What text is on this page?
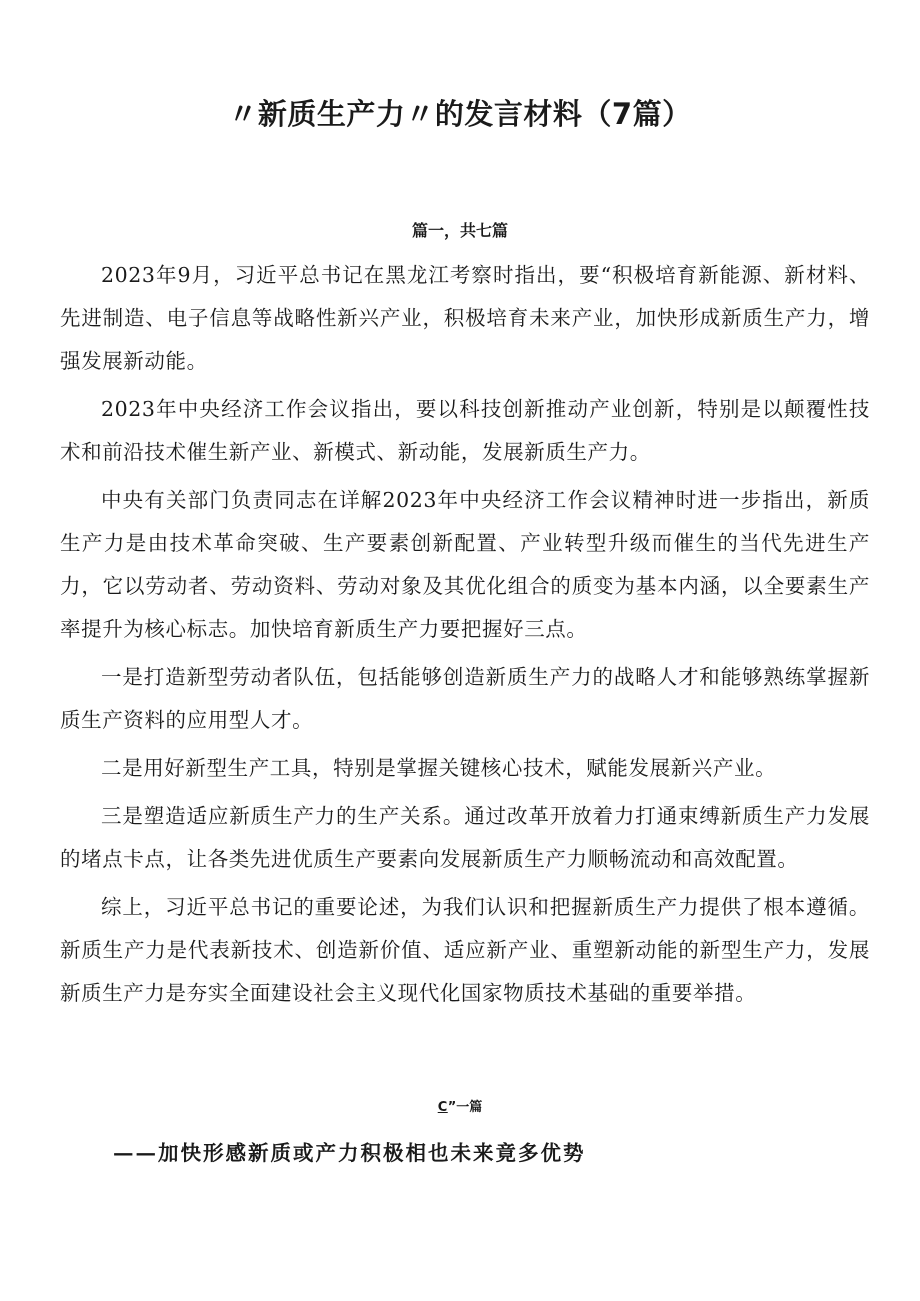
〃新质生产力〃的发言材料（7篇）
篇一，共七篇

2023年9月，习近平总书记在黑龙江考察时指出，要“积极培育新能源、新材料、先进制造、电子信息等战略性新兴产业，积极培育未来产业，加快形成新质生产力，增强发展新动能。

2023年中央经济工作会议指出，要以科技创新推动产业创新，特别是以颠覆性技术和前沿技术催生新产业、新模式、新动能，发展新质生产力。

中央有关部门负责同志在详解2023年中央经济工作会议精神时进一步指出，新质生产力是由技术革命突破、生产要素创新配置、产业转型升级而催生的当代先进生产力，它以劳动者、劳动资料、劳动对象及其优化组合的质变为基本内涵，以全要素生产率提升为核心标志。加快培育新质生产力要把握好三点。

一是打造新型劳动者队伍，包括能够创造新质生产力的战略人才和能够熟练掌握新质生产资料的应用型人才。

二是用好新型生产工具，特别是掌握关键核心技术，赋能发展新兴产业。

三是塑造适应新质生产力的生产关系。通过改革开放着力打通束缚新质生产力发展的堵点卡点，让各类先进优质生产要素向发展新质生产力顺畅流动和高效配置。

综上，习近平总书记的重要论述，为我们认识和把握新质生产力提供了根本遵循。新质生产力是代表新技术、创造新价值、适应新产业、重塑新动能的新型生产力，发展新质生产力是夯实全面建设社会主义现代化国家物质技术基础的重要举措。

C”一篇
——加快形感新质或产力积极相也未来竟多优势
